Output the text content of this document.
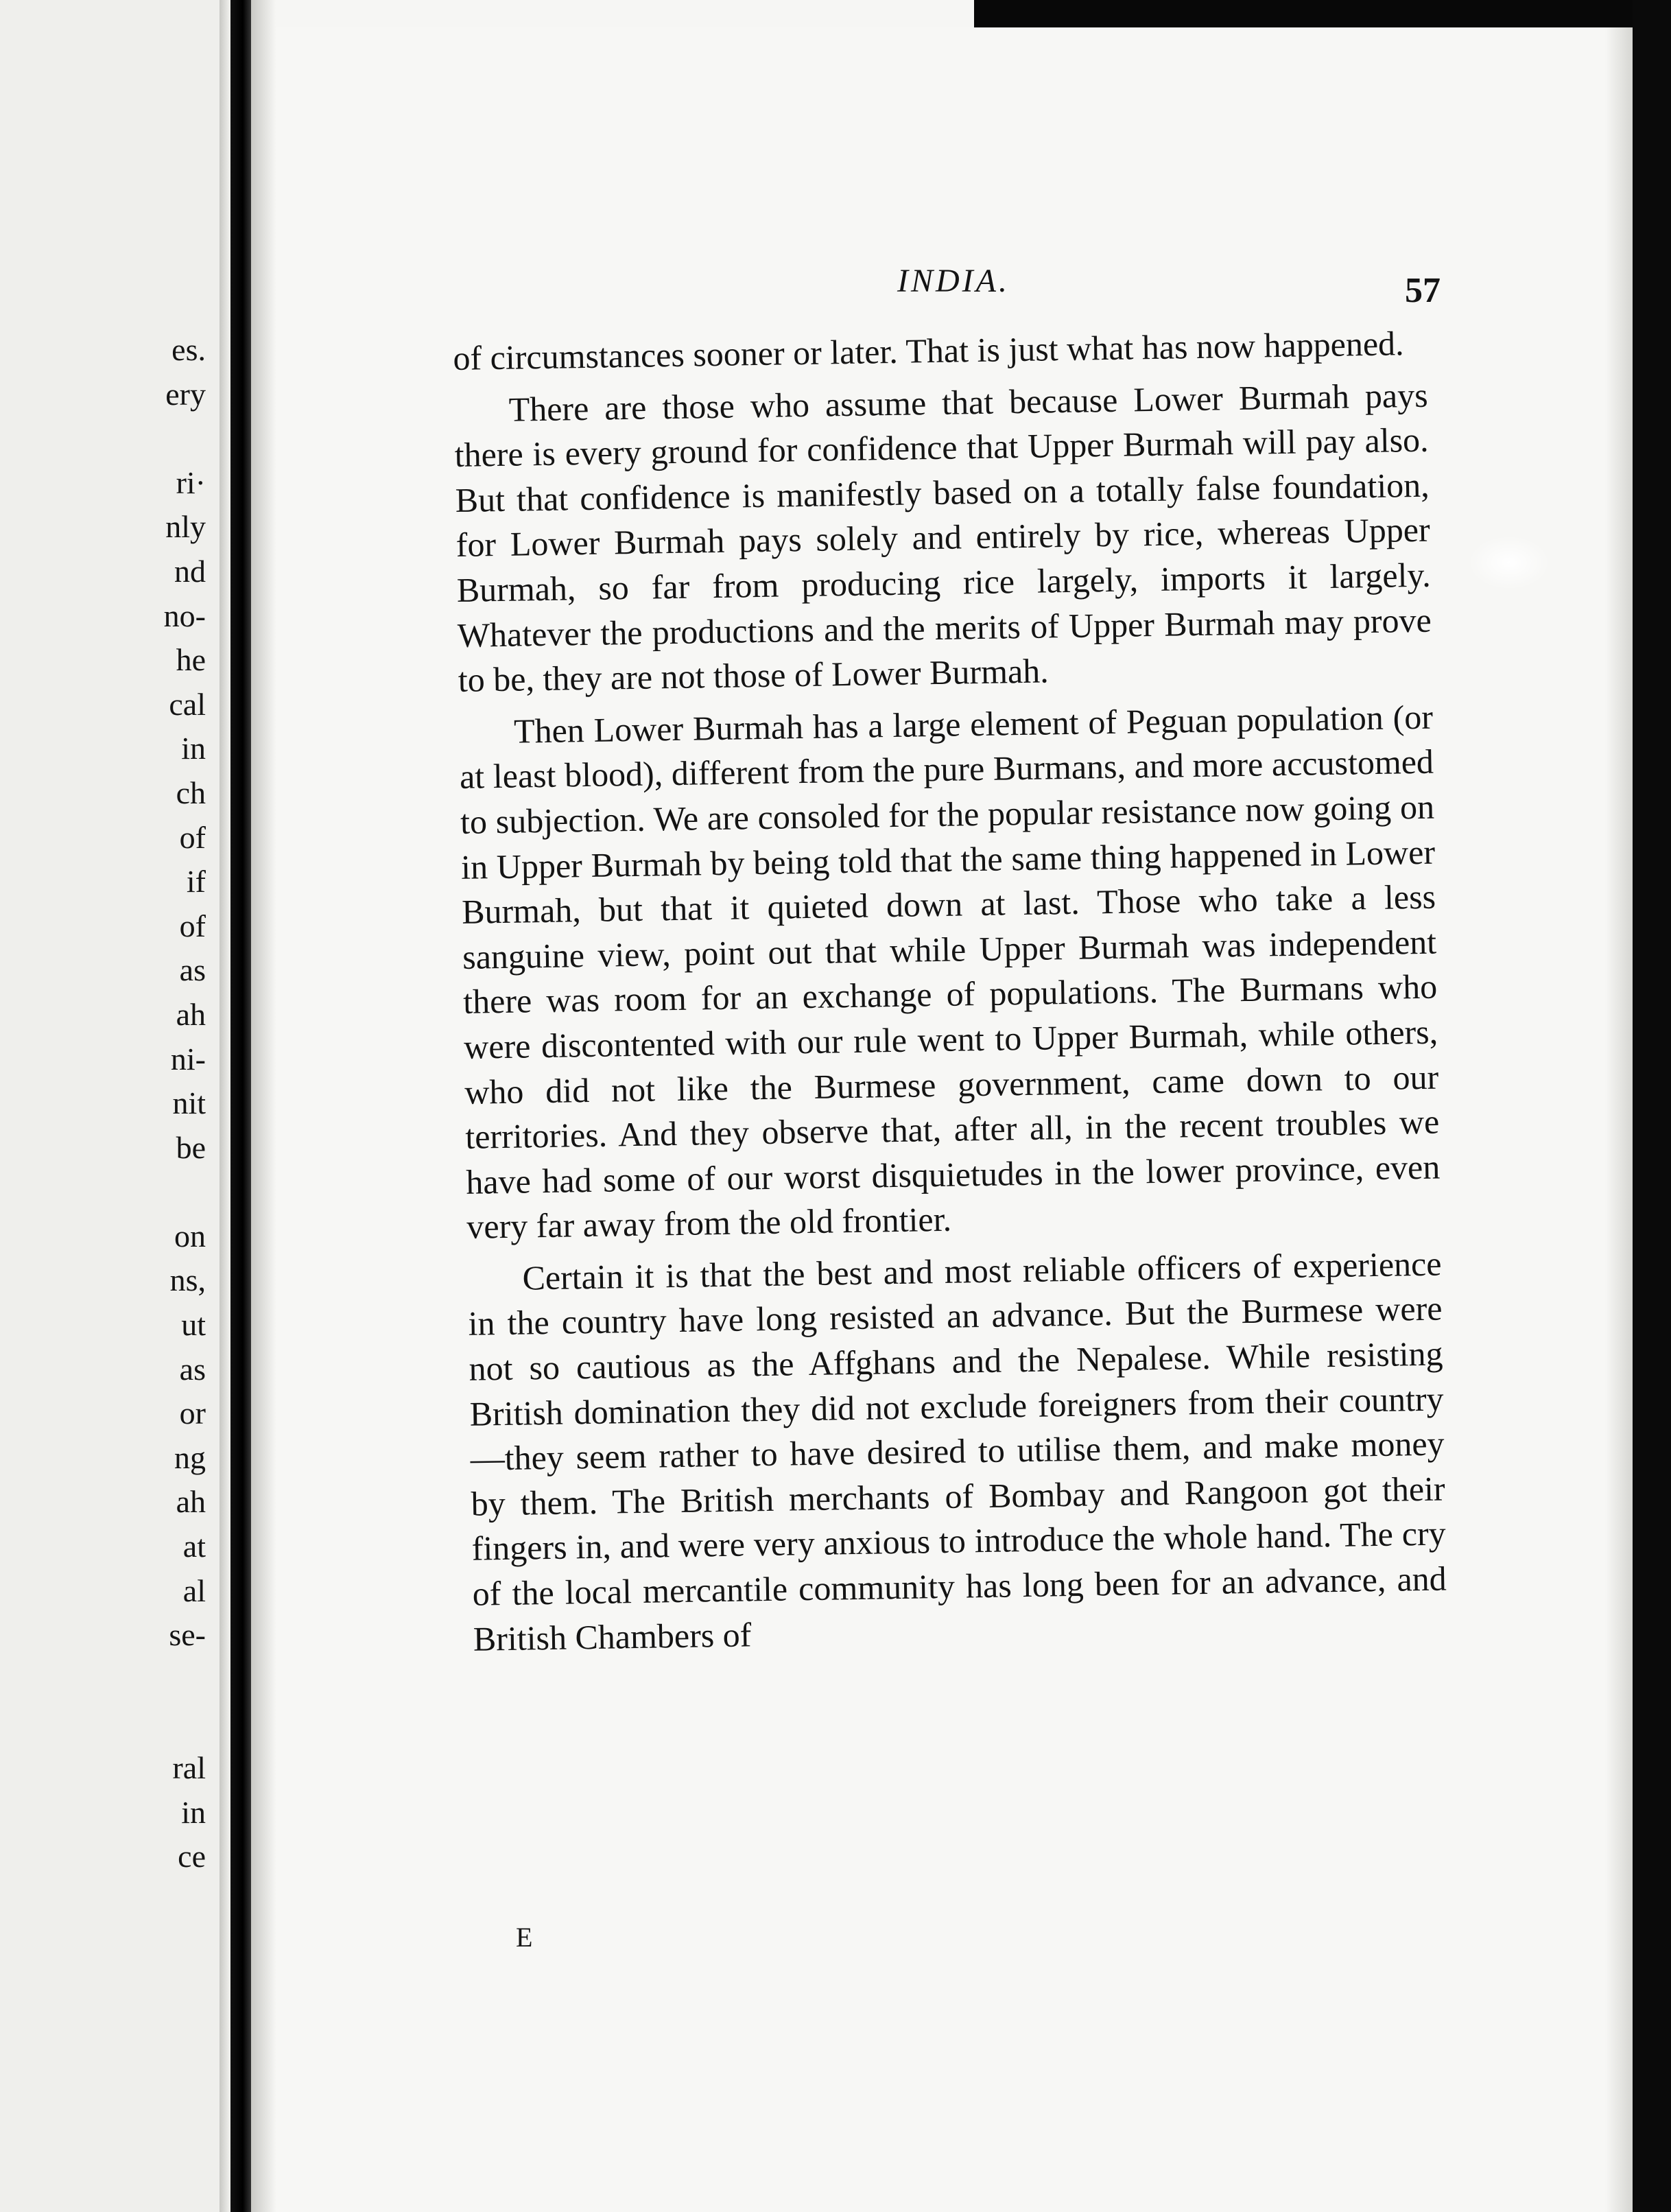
es.
ery

ri·
nly
nd
no-
he
cal
in
ch
of
if
of
as
ah
ni-
nit
be

on
ns,
ut
as
or
ng
ah
at
al
se-

ral
in
ce
INDIA.	57

of circumstances sooner or later. That is just what has now happened.

There are those who assume that because Lower Burmah pays there is every ground for confidence that Upper Burmah will pay also. But that confidence is manifestly based on a totally false foundation, for Lower Burmah pays solely and entirely by rice, whereas Upper Burmah, so far from producing rice largely, imports it largely. Whatever the productions and the merits of Upper Burmah may prove to be, they are not those of Lower Burmah.

Then Lower Burmah has a large element of Peguan population (or at least blood), different from the pure Burmans, and more accustomed to subjection. We are consoled for the popular resistance now going on in Upper Burmah by being told that the same thing happened in Lower Burmah, but that it quieted down at last. Those who take a less sanguine view, point out that while Upper Burmah was independent there was room for an exchange of populations. The Burmans who were discontented with our rule went to Upper Burmah, while others, who did not like the Burmese government, came down to our territories. And they observe that, after all, in the recent troubles we have had some of our worst disquietudes in the lower province, even very far away from the old frontier.

Certain it is that the best and most reliable officers of experience in the country have long resisted an advance. But the Burmese were not so cautious as the Affghans and the Nepalese. While resisting British domination they did not exclude foreigners from their country—they seem rather to have desired to utilise them, and make money by them. The British merchants of Bombay and Rangoon got their fingers in, and were very anxious to introduce the whole hand. The cry of the local mercantile community has long been for an advance, and British Chambers of

E
